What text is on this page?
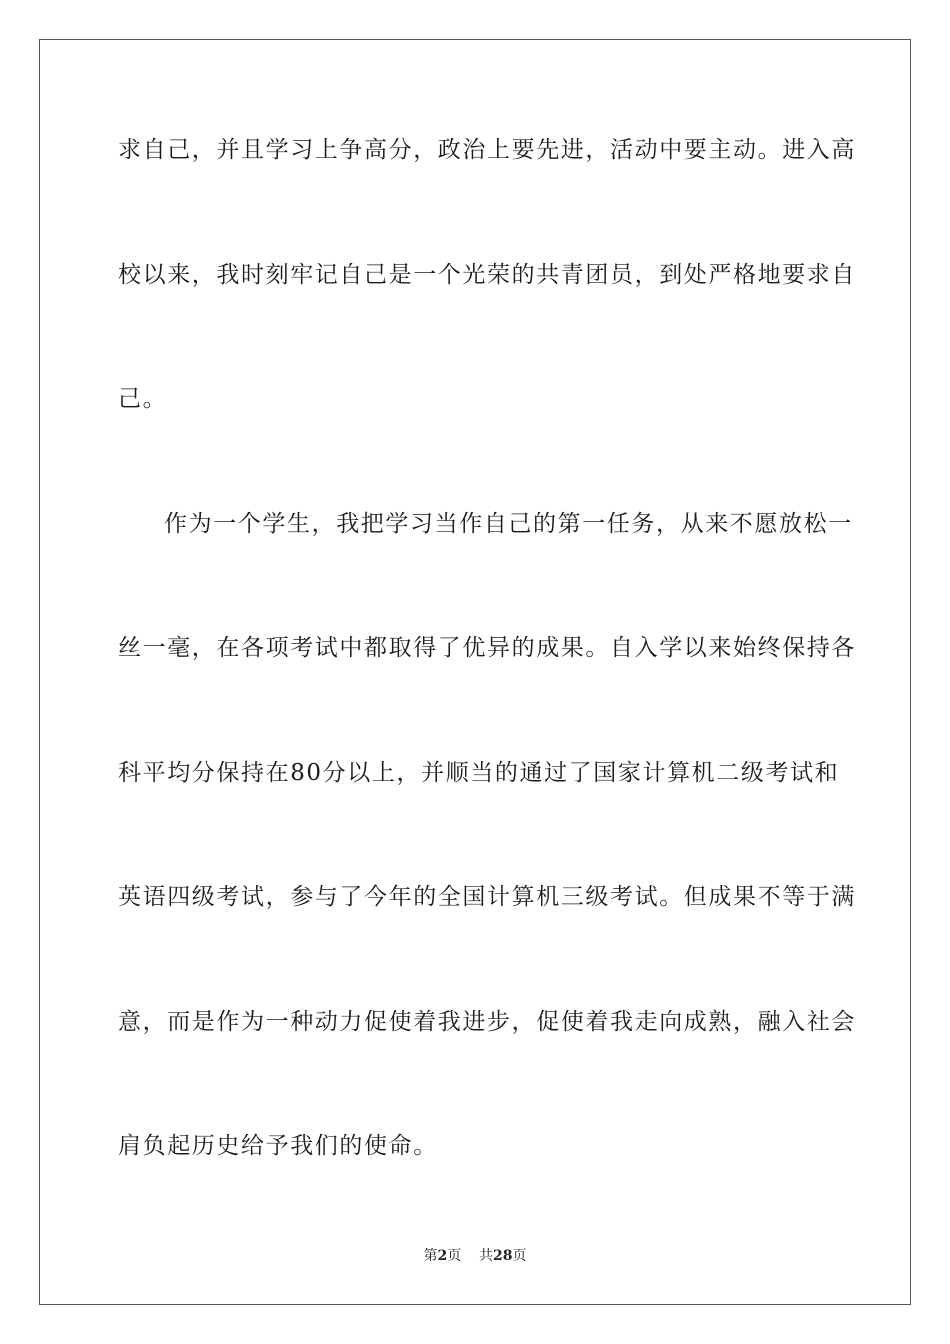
求自己，并且学习上争高分，政治上要先进，活动中要主动。进入高
校以来，我时刻牢记自己是一个光荣的共青团员，到处严格地要求自
己。
作为一个学生，我把学习当作自己的第一任务，从来不愿放松一
丝一毫，在各项考试中都取得了优异的成果。自入学以来始终保持各
科平均分保持在80分以上，并顺当的通过了国家计算机二级考试和
英语四级考试，参与了今年的全国计算机三级考试。但成果不等于满
意，而是作为一种动力促使着我进步，促使着我走向成熟，融入社会
肩负起历史给予我们的使命。
第2页 共28页
